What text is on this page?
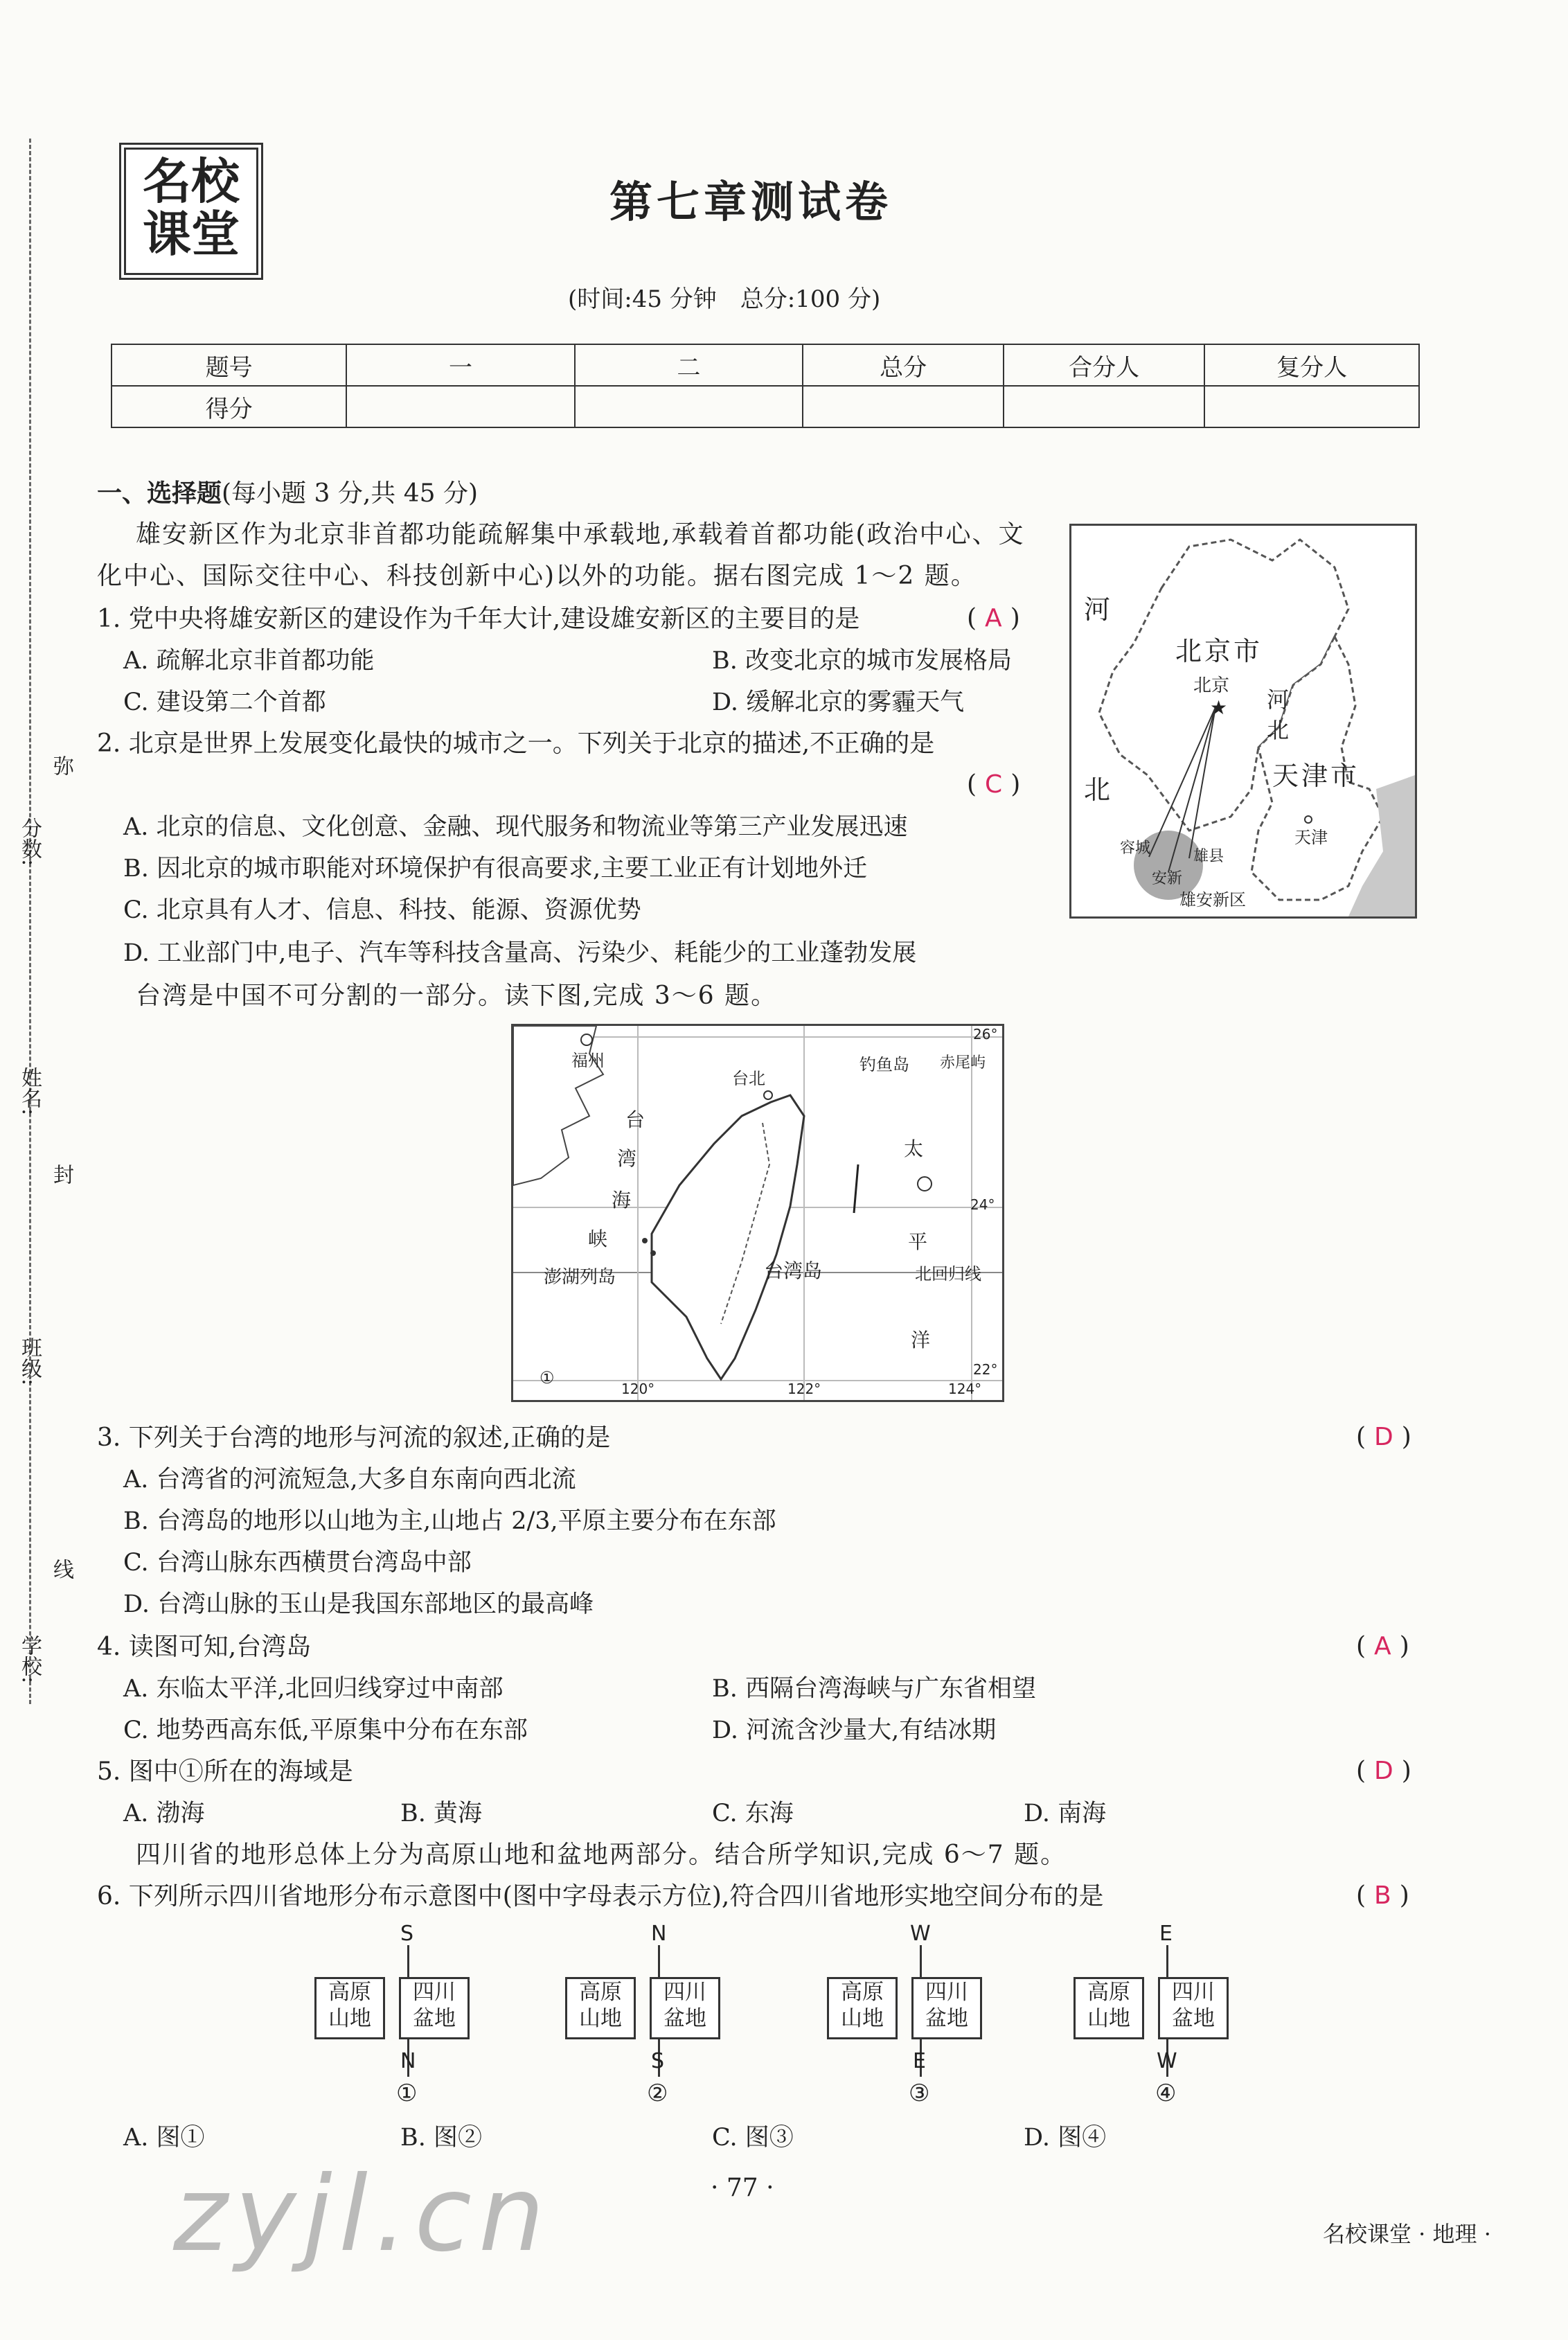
分数:
弥
姓名:
封
班级:
线
学校:
名校
课堂
第七章测试卷
(时间:45 分钟　总分:100 分)
题号	一	二	总分	合分人	复分人
得分					
一、选择题(每小题 3 分,共 45 分)
雄安新区作为北京非首都功能疏解集中承载地,承载着首都功能(政治中心、文
化中心、国际交往中心、科技创新中心)以外的功能。据右图完成 1～2 题。
1. 党中央将雄安新区的建设作为千年大计,建设雄安新区的主要目的是	( A )
A. 疏解北京非首都功能	B. 改变北京的城市发展格局
C. 建设第二个首都	D. 缓解北京的雾霾天气
2. 北京是世界上发展变化最快的城市之一。下列关于北京的描述,不正确的是
( C )
A. 北京的信息、文化创意、金融、现代服务和物流业等第三产业发展迅速
B. 因北京的城市职能对环境保护有很高要求,主要工业正有计划地外迁
C. 北京具有人才、信息、科技、能源、资源优势
D. 工业部门中,电子、汽车等科技含量高、污染少、耗能少的工业蓬勃发展
★
河
北
北京市
北京
河
北
天津市
天津
容城	雄县
安新
雄安新区
台湾是中国不可分割的一部分。读下图,完成 3～6 题。
福州
台北
钓鱼岛 赤尾屿
台
湾
海
峡
澎湖列岛	台湾岛
太
平
洋
北回归线
26°
24°
22°
120°	122°	124°
①
3. 下列关于台湾的地形与河流的叙述,正确的是	( D )
A. 台湾省的河流短急,大多自东南向西北流
B. 台湾岛的地形以山地为主,山地占 2/3,平原主要分布在东部
C. 台湾山脉东西横贯台湾岛中部
D. 台湾山脉的玉山是我国东部地区的最高峰
4. 读图可知,台湾岛	( A )
A. 东临太平洋,北回归线穿过中南部	B. 西隔台湾海峡与广东省相望
C. 地势西高东低,平原集中分布在东部	D. 河流含沙量大,有结冰期
5. 图中①所在的海域是	( D )
A. 渤海	B. 黄海	C. 东海	D. 南海
四川省的地形总体上分为高原山地和盆地两部分。结合所学知识,完成 6～7 题。
6. 下列所示四川省地形分布示意图中(图中字母表示方位),符合四川省地形实地空间分布的是	( B )
S
高原
山地
四川
盆地
N
①
N
高原
山地
四川
盆地
S
②
W
高原
山地
四川
盆地
E
③
E
高原
山地
四川
盆地
W
④
A. 图①	B. 图②	C. 图③	D. 图④
zyjl.cn	· 77 ·
名校课堂 · 地理 ·
